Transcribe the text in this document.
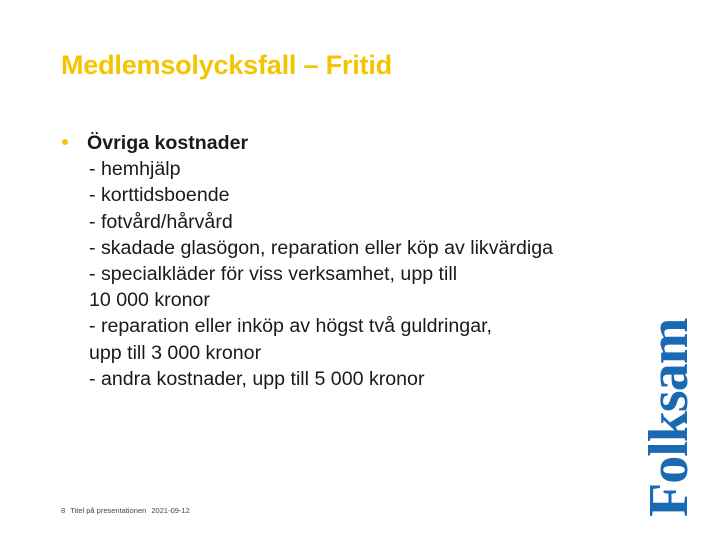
Medlemsolycksfall – Fritid
Övriga kostnader
- hemhjälp
- korttidsboende
- fotvård/hårvård
- skadade glasögon, reparation eller köp av likvärdiga
- specialkläder för viss verksamhet, upp till
10 000 kronor
- reparation eller inköp av högst två guldringar,
upp till 3 000 kronor
- andra kostnader, upp till 5 000 kronor
8 Titel på presentationen 2021-09-12	Folksam
